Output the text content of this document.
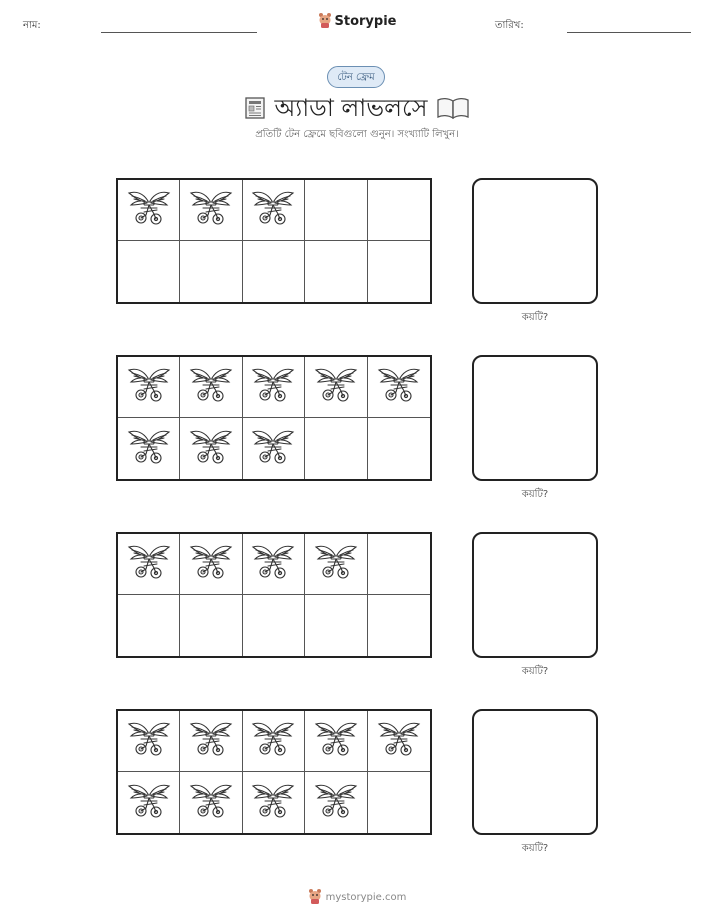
নাম:	Storypie	তারিখ:
টেন ফ্রেম
অ্যাডা লাভলসে
প্রতিটি টেন ফ্রেমে ছবিগুলো গুনুন। সংখ্যাটি লিখুন।
কয়টি?
কয়টি?
কয়টি?
কয়টি?
mystorypie.com
